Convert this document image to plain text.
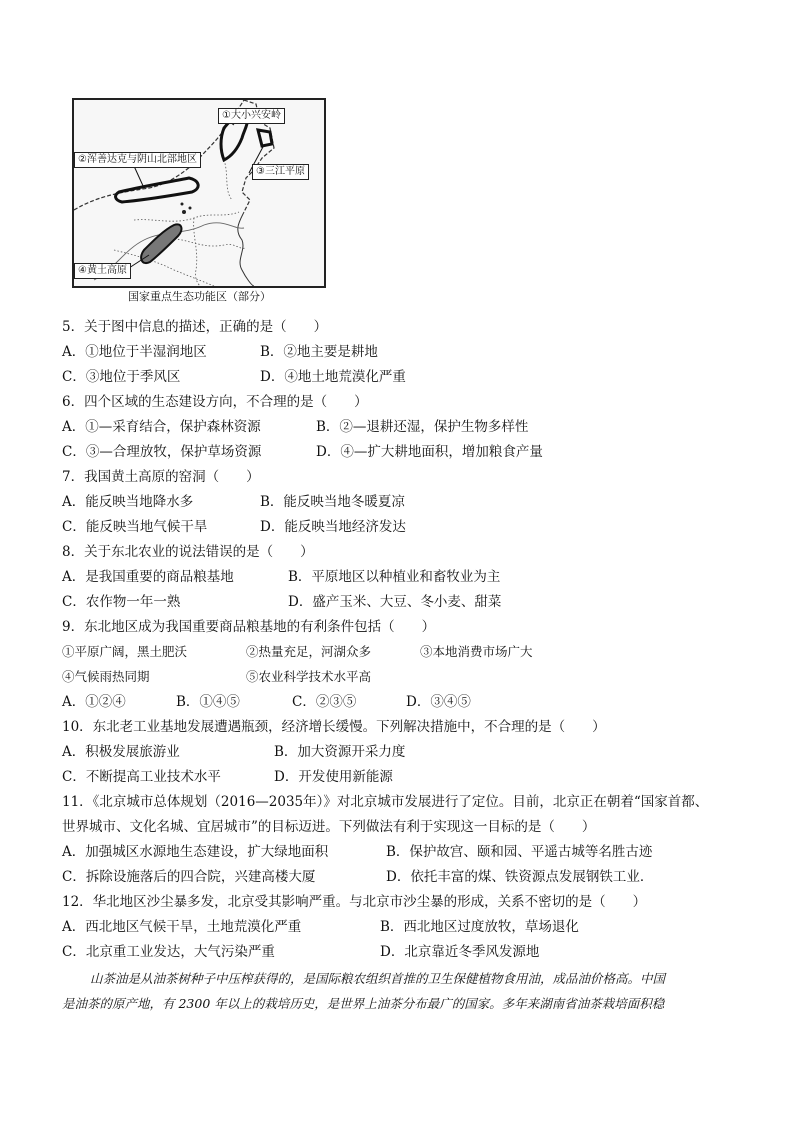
①大小兴安岭
②浑善达克与阴山北部地区
③三江平原
④黄土高原
国家重点生态功能区（部分）
5．关于图中信息的描述，正确的是（　　）
A．①地位于半湿润地区	B．②地主要是耕地
C．③地位于季风区	D．④地土地荒漠化严重
6．四个区域的生态建设方向，不合理的是（　　）
A．①—采育结合，保护森林资源	B．②—退耕还湿，保护生物多样性
C．③—合理放牧，保护草场资源	D．④—扩大耕地面积，增加粮食产量
7．我国黄土高原的窑洞（　　）
A．能反映当地降水多	B．能反映当地冬暖夏凉
C．能反映当地气候干旱	D．能反映当地经济发达
8．关于东北农业的说法错误的是（　　）
A．是我国重要的商品粮基地	B．平原地区以种植业和畜牧业为主
C．农作物一年一熟	D．盛产玉米、大豆、冬小麦、甜菜
9．东北地区成为我国重要商品粮基地的有利条件包括（　　）
①平原广阔，黑土肥沃	②热量充足，河湖众多	③本地消费市场广大
④气候雨热同期	⑤农业科学技术水平高
A．①②④	B．①④⑤	C．②③⑤	D．③④⑤
10．东北老工业基地发展遭遇瓶颈，经济增长缓慢。下列解决措施中，不合理的是（　　）
A．积极发展旅游业	B．加大资源开采力度
C．不断提高工业技术水平	D．开发使用新能源
11．《北京城市总体规划（2016—2035年）》对北京城市发展进行了定位。目前，北京正在朝着“国家首都、
世界城市、文化名城、宜居城市”的目标迈进。下列做法有利于实现这一目标的是（　　）
A．加强城区水源地生态建设，扩大绿地面积	B．保护故宫、颐和园、平遥古城等名胜古迹
C．拆除设施落后的四合院，兴建高楼大厦	D．依托丰富的煤、铁资源点发展钢铁工业．
12．华北地区沙尘暴多发，北京受其影响严重。与北京市沙尘暴的形成，关系不密切的是（　　）
A．西北地区气候干旱，土地荒漠化严重	B．西北地区过度放牧，草场退化
C．北京重工业发达，大气污染严重	D．北京靠近冬季风发源地
山茶油是从油茶树种子中压榨获得的，是国际粮农组织首推的卫生保健植物食用油，成品油价格高。中国
是油茶的原产地，有 2300 年以上的栽培历史，是世界上油茶分布最广的国家。多年来湖南省油茶栽培面积稳
